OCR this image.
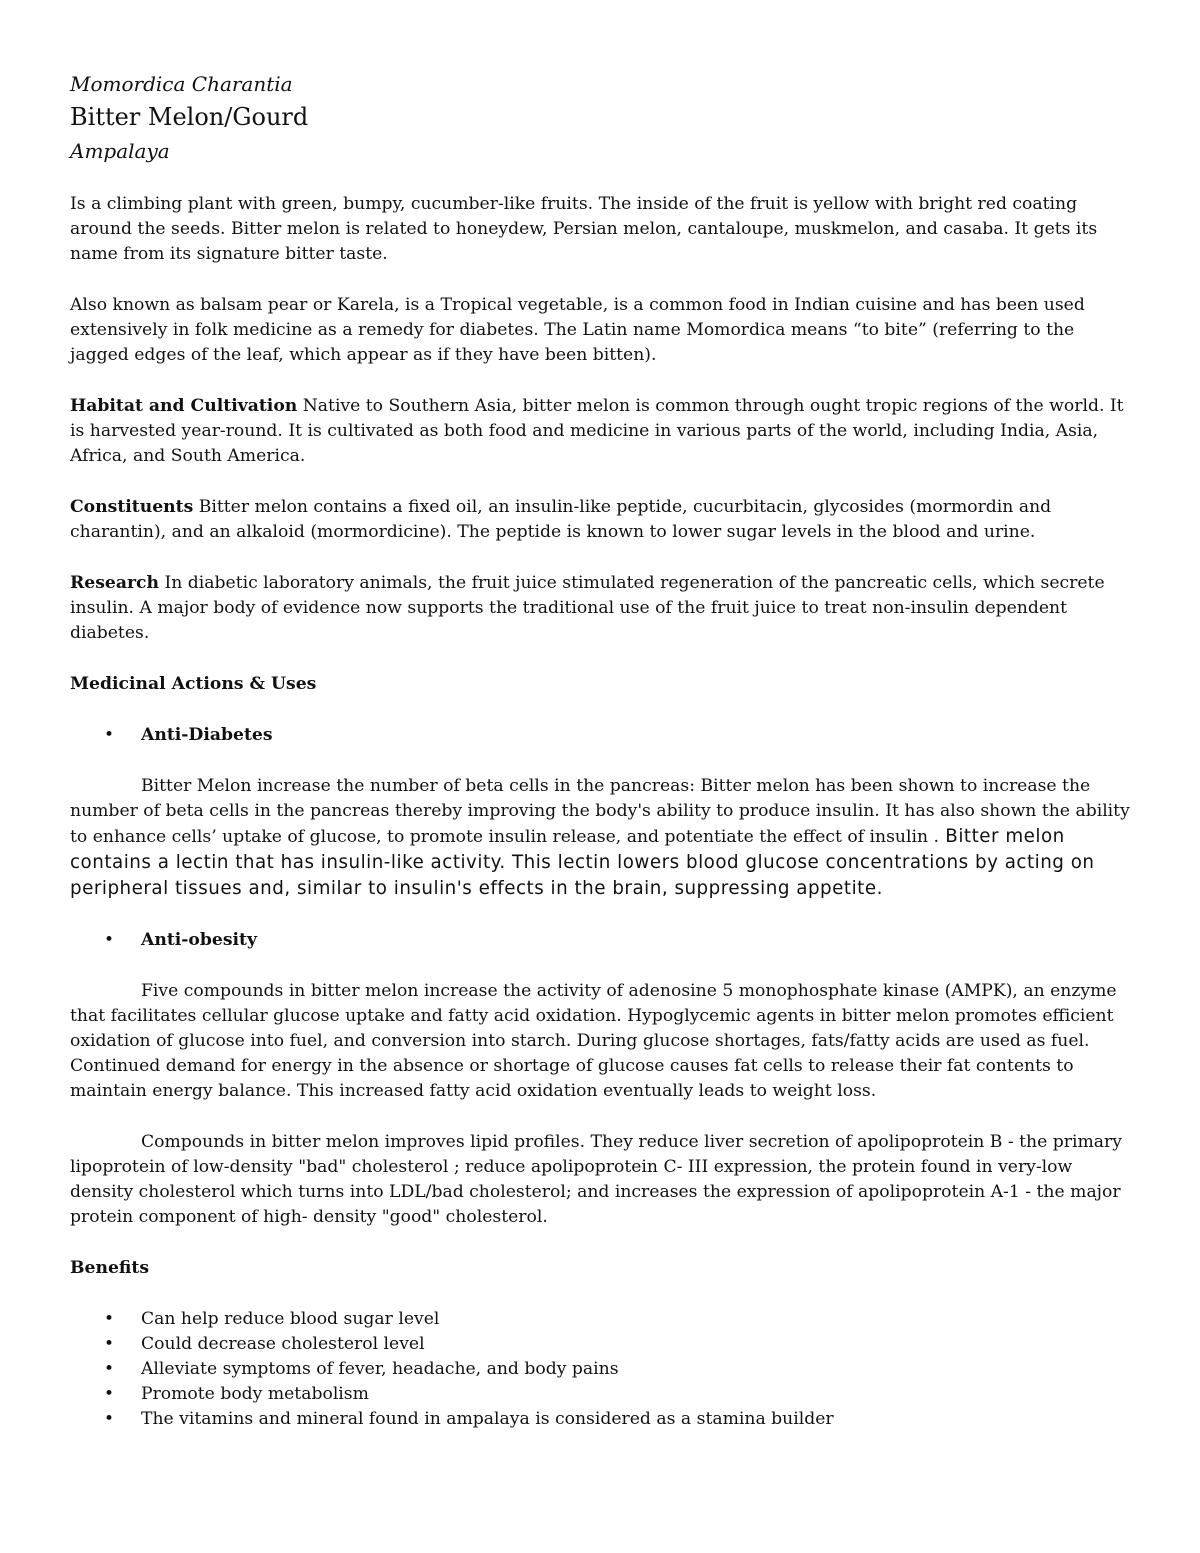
Momordica Charantia
Bitter Melon/Gourd
Ampalaya

Is a climbing plant with green, bumpy, cucumber-like fruits. The inside of the fruit is yellow with bright red coating around the seeds. Bitter melon is related to honeydew, Persian melon, cantaloupe, muskmelon, and casaba. It gets its name from its signature bitter taste.

Also known as balsam pear or Karela, is a Tropical vegetable, is a common food in Indian cuisine and has been used extensively in folk medicine as a remedy for diabetes. The Latin name Momordica means “to bite” (referring to the jagged edges of the leaf, which appear as if they have been bitten).

Habitat and Cultivation Native to Southern Asia, bitter melon is common through ought tropic regions of the world. It is harvested year-round. It is cultivated as both food and medicine in various parts of the world, including India, Asia, Africa, and South America.

Constituents Bitter melon contains a fixed oil, an insulin-like peptide, cucurbitacin, glycosides (mormordin and charantin), and an alkaloid (mormordicine). The peptide is known to lower sugar levels in the blood and urine.

Research In diabetic laboratory animals, the fruit juice stimulated regeneration of the pancreatic cells, which secrete insulin. A major body of evidence now supports the traditional use of the fruit juice to treat non-insulin dependent diabetes.

Medicinal Actions & Uses
• Anti-Diabetes

Bitter Melon increase the number of beta cells in the pancreas: Bitter melon has been shown to increase the number of beta cells in the pancreas thereby improving the body's ability to produce insulin. It has also shown the ability to enhance cells’ uptake of glucose, to promote insulin release, and potentiate the effect of insulin . Bitter melon contains a lectin that has insulin-like activity. This lectin lowers blood glucose concentrations by acting on peripheral tissues and, similar to insulin's effects in the brain, suppressing appetite.

• Anti-obesity

Five compounds in bitter melon increase the activity of adenosine 5 monophosphate kinase (AMPK), an enzyme that facilitates cellular glucose uptake and fatty acid oxidation. Hypoglycemic agents in bitter melon promotes efficient oxidation of glucose into fuel, and conversion into starch. During glucose shortages, fats/fatty acids are used as fuel. Continued demand for energy in the absence or shortage of glucose causes fat cells to release their fat contents to maintain energy balance. This increased fatty acid oxidation eventually leads to weight loss.

Compounds in bitter melon improves lipid profiles. They reduce liver secretion of apolipoprotein B - the primary lipoprotein of low-density "bad" cholesterol ; reduce apolipoprotein C- III expression, the protein found in very-low density cholesterol which turns into LDL/bad cholesterol; and increases the expression of apolipoprotein A-1 - the major protein component of high- density "good" cholesterol.

Benefits
• Can help reduce blood sugar level
• Could decrease cholesterol level
• Alleviate symptoms of fever, headache, and body pains
• Promote body metabolism
• The vitamins and mineral found in ampalaya is considered as a stamina builder
